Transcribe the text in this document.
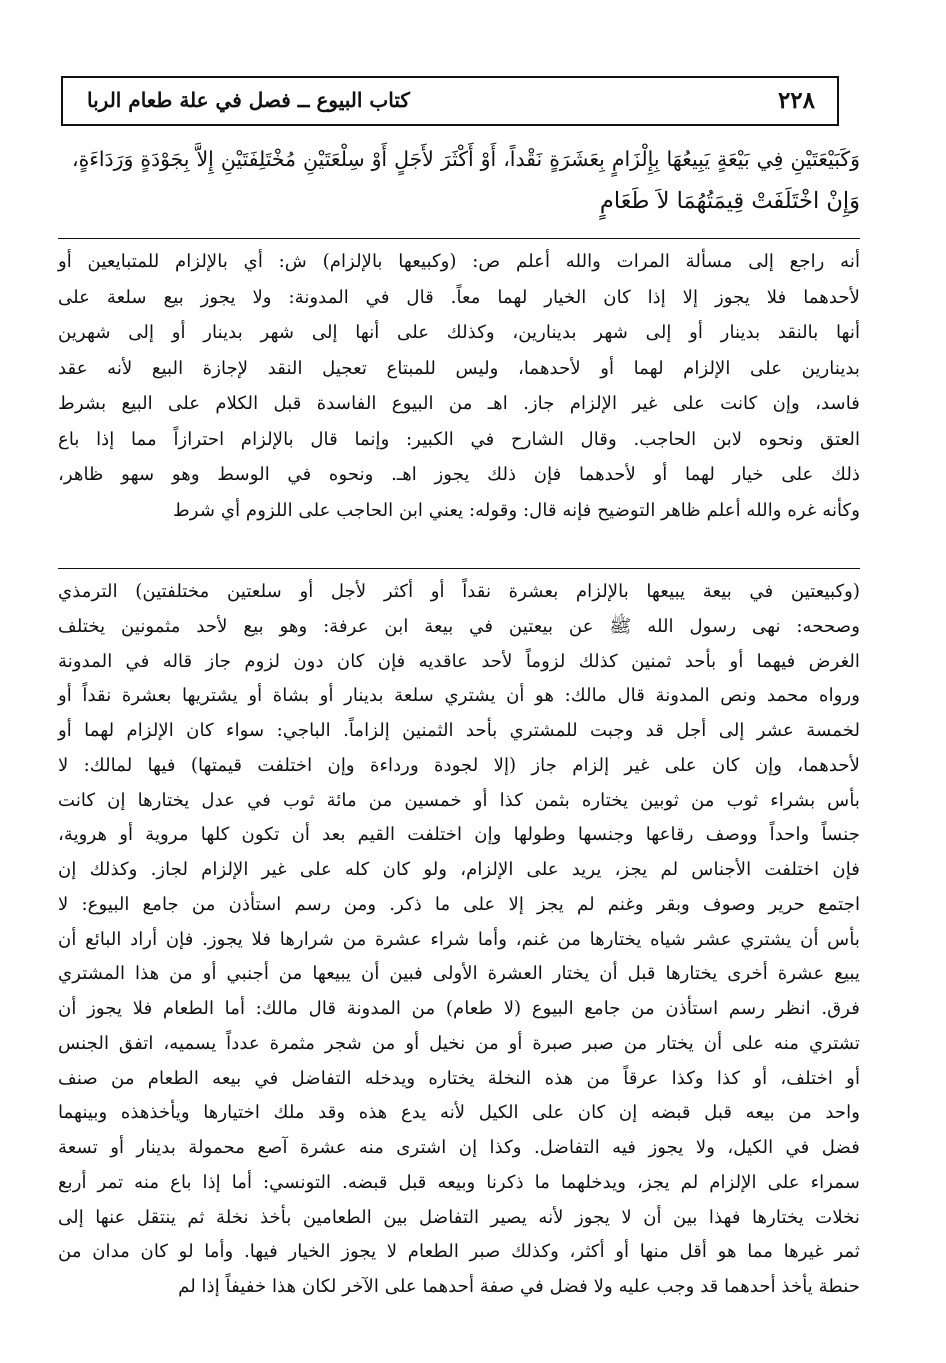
٢٢٨
كتاب البيوع ــ فصل في علة طعام الربا
وَكَبَيْعَتَيْنِ فِي بَيْعَةٍ يَبِيعُهَا بِإِلْزَامٍ بِعَشَرَةٍ نَقْداً، أَوْ أَكْثَرَ لأَجَلٍ أَوْ سِلْعَتَيْنِ مُخْتَلِفَتَيْنِ إِلاَّ بِجَوْدَةٍ وَرَدَاءَةٍ،
وَإِنْ اخْتَلَفَتْ قِيمَتُهُمَا لاَ طَعَامٍ
أنه راجع إلى مسألة المرات والله أعلم ص: (وكبيعها بالإلزام) ش: أي بالإلزام للمتبايعين أو
لأحدهما فلا يجوز إلا إذا كان الخيار لهما معاً. قال في المدونة: ولا يجوز بيع سلعة على
أنها بالنقد بدينار أو إلى شهر بدينارين، وكذلك على أنها إلى شهر بدينار أو إلى شهرين
بدينارين على الإلزام لهما أو لأحدهما، وليس للمبتاع تعجيل النقد لإجازة البيع لأنه عقد
فاسد، وإن كانت على غير الإلزام جاز. اهـ من البيوع الفاسدة قبل الكلام على البيع بشرط
العتق ونحوه لابن الحاجب. وقال الشارح في الكبير: وإنما قال بالإلزام احترازاً مما إذا باع
ذلك على خيار لهما أو لأحدهما فإن ذلك يجوز اهـ. ونحوه في الوسط وهو سهو ظاهر،
وكأنه غره والله أعلم ظاهر التوضيح فإنه قال: وقوله: يعني ابن الحاجب على اللزوم أي شرط
(وكبيعتين في بيعة يبيعها بالإلزام بعشرة نقداً أو أكثر لأجل أو سلعتين مختلفتين) الترمذي
وصححه: نهى رسول الله ﷺ عن بيعتين في بيعة ابن عرفة: وهو بيع لأحد مثمونين يختلف
الغرض فيهما أو بأحد ثمنين كذلك لزوماً لأحد عاقديه فإن كان دون لزوم جاز قاله في المدونة
ورواه محمد ونص المدونة قال مالك: هو أن يشتري سلعة بدينار أو بشاة أو يشتريها بعشرة نقداً أو
لخمسة عشر إلى أجل قد وجبت للمشتري بأحد الثمنين إلزاماً. الباجي: سواء كان الإلزام لهما أو
لأحدهما، وإن كان على غير إلزام جاز (إلا لجودة ورداءة وإن اختلفت قيمتها) فيها لمالك: لا
بأس بشراء ثوب من ثوبين يختاره بثمن كذا أو خمسين من مائة ثوب في عدل يختارها إن كانت
جنساً واحداً ووصف رقاعها وجنسها وطولها وإن اختلفت القيم بعد أن تكون كلها مروية أو هروية،
فإن اختلفت الأجناس لم يجز، يريد على الإلزام، ولو كان كله على غير الإلزام لجاز. وكذلك إن
اجتمع حرير وصوف وبقر وغنم لم يجز إلا على ما ذكر. ومن رسم استأذن من جامع البيوع: لا
بأس أن يشتري عشر شياه يختارها من غنم، وأما شراء عشرة من شرارها فلا يجوز. فإن أراد البائع أن
يبيع عشرة أخرى يختارها قبل أن يختار العشرة الأولى فبين أن يبيعها من أجنبي أو من هذا المشتري
فرق. انظر رسم استأذن من جامع البيوع (لا طعام) من المدونة قال مالك: أما الطعام فلا يجوز أن
تشتري منه على أن يختار من صبر صبرة أو من نخيل أو من شجر مثمرة عدداً يسميه، اتفق الجنس
أو اختلف، أو كذا وكذا عرقاً من هذه النخلة يختاره ويدخله التفاضل في بيعه الطعام من صنف
واحد من بيعه قبل قبضه إن كان على الكيل لأنه يدع هذه وقد ملك اختيارها ويأخذهذه وبينهما
فضل في الكيل، ولا يجوز فيه التفاضل. وكذا إن اشترى منه عشرة آصع محمولة بدينار أو تسعة
سمراء على الإلزام لم يجز، ويدخلهما ما ذكرنا وبيعه قبل قبضه. التونسي: أما إذا باع منه تمر أربع
نخلات يختارها فهذا بين أن لا يجوز لأنه يصير التفاضل بين الطعامين بأخذ نخلة ثم ينتقل عنها إلى
ثمر غيرها مما هو أقل منها أو أكثر، وكذلك صبر الطعام لا يجوز الخيار فيها. وأما لو كان مدان من
حنطة يأخذ أحدهما قد وجب عليه ولا فضل في صفة أحدهما على الآخر لكان هذا خفيفاً إذا لم
